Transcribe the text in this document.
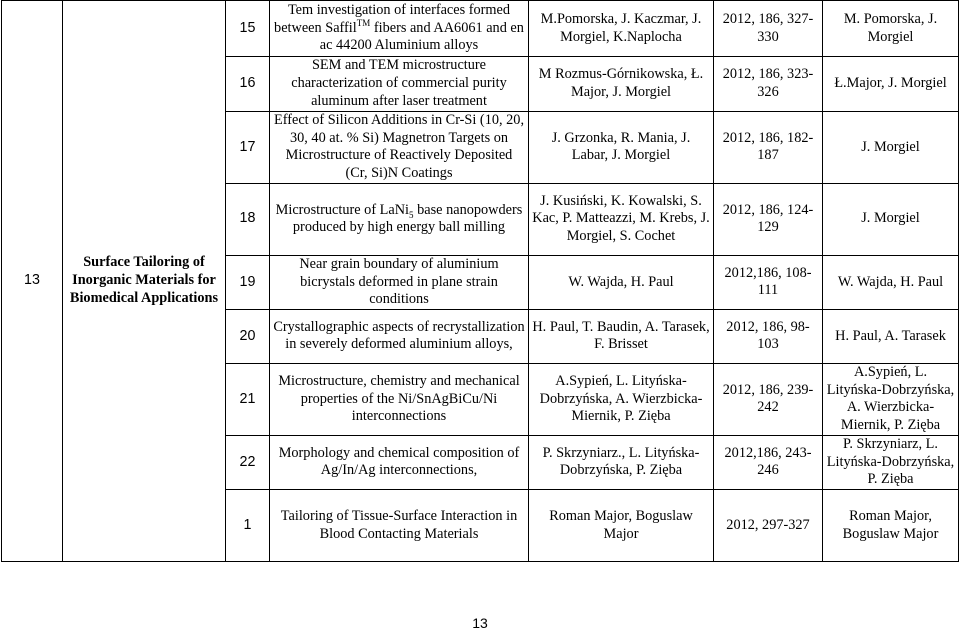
13	Surface Tailoring of Inorganic Materials for Biomedical Applications	15	Tem investigation of interfaces formed between Saffil™ fibers and AA6061 and en ac 44200 Aluminium alloys	M.Pomorska, J. Kaczmar, J. Morgiel, K.Naplocha	2012, 186, 327-330	M. Pomorska, J. Morgiel
		16	SEM and TEM microstructure characterization of commercial purity aluminum after laser treatment	M Rozmus-Górnikowska, Ł. Major, J. Morgiel	2012, 186, 323-326	Ł.Major, J. Morgiel
		17	Effect of Silicon Additions in Cr-Si (10, 20, 30, 40 at. % Si) Magnetron Targets on Microstructure of Reactively Deposited (Cr, Si)N Coatings	J. Grzonka, R. Mania, J. Labar, J. Morgiel	2012, 186, 182-187	J. Morgiel
		18	Microstructure of LaNi$_5$ base nanopowders produced by high energy ball milling	J. Kusiński, K. Kowalski, S. Kac, P. Matteazzi, M. Krebs, J. Morgiel, S. Cochet	2012, 186, 124-129	J. Morgiel
		19	Near grain boundary of aluminium bicrystals deformed in plane strain conditions	W. Wajda, H. Paul	2012,186, 108-111	W. Wajda, H. Paul
		20	Crystallographic aspects of recrystallization in severely deformed aluminium alloys,	H. Paul, T. Baudin, A. Tarasek, F. Brisset	2012, 186, 98-103	H. Paul, A. Tarasek
		21	Microstructure, chemistry and mechanical properties of the Ni/SnAgBiCu/Ni interconnections	A.Sypień, L. Lityńska-Dobrzyńska, A. Wierzbicka-Miernik, P. Zięba	2012, 186, 239-242	A.Sypień, L. Lityńska-Dobrzyńska, A. Wierzbicka-Miernik, P. Zięba
		22	Morphology and chemical composition of Ag/In/Ag interconnections,	P. Skrzyniarz., L. Lityńska-Dobrzyńska, P. Zięba	2012,186, 243-246	P. Skrzyniarz, L. Lityńska-Dobrzyńska, P. Zięba
		1	Tailoring of Tissue-Surface Interaction in Blood Contacting Materials	Roman Major, Boguslaw Major	2012, 297-327	Roman Major, Boguslaw Major
13
